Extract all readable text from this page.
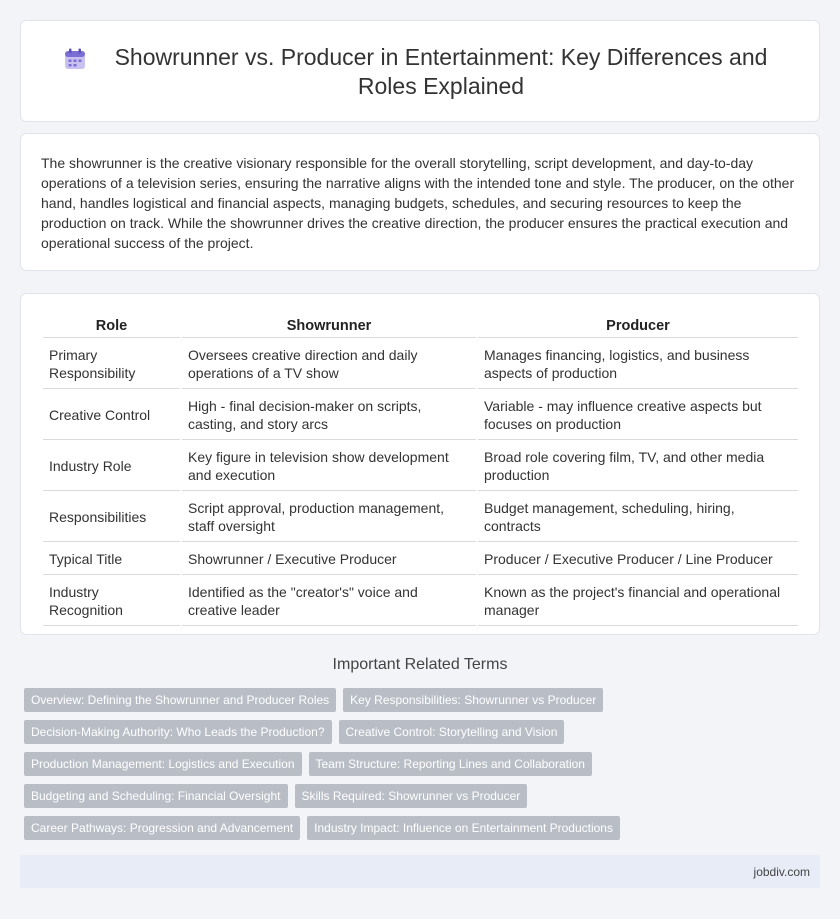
Showrunner vs. Producer in Entertainment: Key Differences and Roles Explained

The showrunner is the creative visionary responsible for the overall storytelling, script development, and day-to-day operations of a television series, ensuring the narrative aligns with the intended tone and style. The producer, on the other hand, handles logistical and financial aspects, managing budgets, schedules, and securing resources to keep the production on track. While the showrunner drives the creative direction, the producer ensures the practical execution and operational success of the project.

Role	Showrunner	Producer
Primary Responsibility	Oversees creative direction and daily operations of a TV show	Manages financing, logistics, and business aspects of production
Creative Control	High - final decision-maker on scripts, casting, and story arcs	Variable - may influence creative aspects but focuses on production
Industry Role	Key figure in television show development and execution	Broad role covering film, TV, and other media production
Responsibilities	Script approval, production management, staff oversight	Budget management, scheduling, hiring, contracts
Typical Title	Showrunner / Executive Producer	Producer / Executive Producer / Line Producer
Industry Recognition	Identified as the "creator's" voice and creative leader	Known as the project's financial and operational manager
Important Related Terms
Overview: Defining the Showrunner and Producer Roles	Key Responsibilities: Showrunner vs Producer
Decision-Making Authority: Who Leads the Production?	Creative Control: Storytelling and Vision
Production Management: Logistics and Execution	Team Structure: Reporting Lines and Collaboration
Budgeting and Scheduling: Financial Oversight	Skills Required: Showrunner vs Producer
Career Pathways: Progression and Advancement	Industry Impact: Influence on Entertainment Productions
jobdiv.com
